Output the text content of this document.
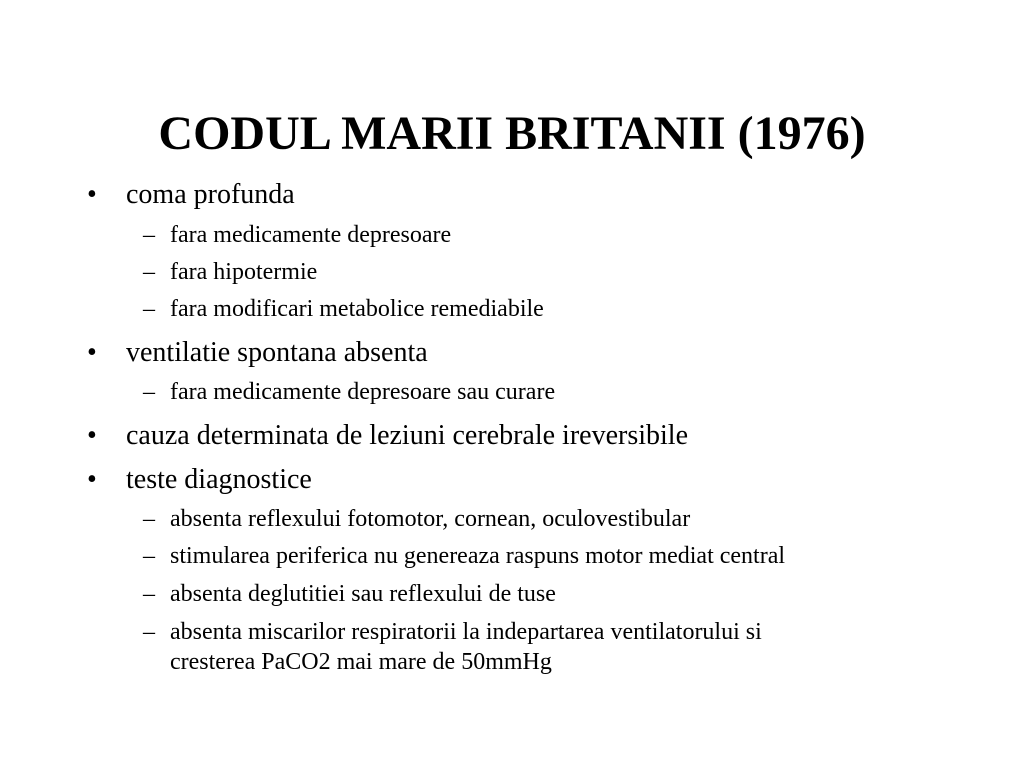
CODUL MARII BRITANII (1976)
• coma profunda
– fara medicamente depresoare
– fara hipotermie
– fara modificari metabolice remediabile
• ventilatie spontana absenta
– fara medicamente depresoare sau curare
• cauza determinata de leziuni cerebrale ireversibile
• teste diagnostice
– absenta reflexului fotomotor, cornean, oculovestibular
– stimularea periferica nu genereaza raspuns motor mediat central
– absenta deglutitiei sau reflexului de tuse
– absenta miscarilor respiratorii la indepartarea ventilatorului si
cresterea PaCO2 mai mare de 50mmHg
